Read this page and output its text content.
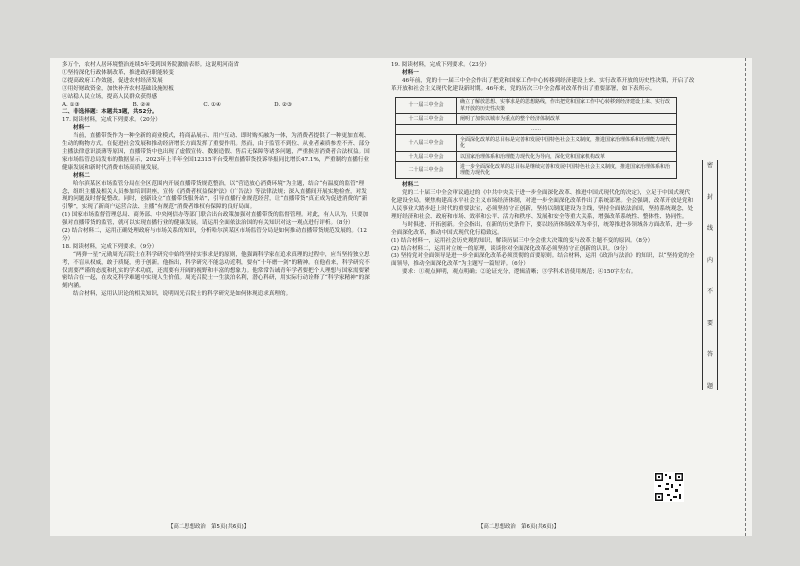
多万个，农村人居环境整治连续5年受到国务院激励表彰。这说明河南省

①坚持深化行政体制改革，推进政府职能转变

②提高政府工作效能，促进农村经济发展

③用好财政资金，加快补齐农村基础设施短板

④站稳人民立场，提高人民群众获得感

A. ①③	B. ②④	C. ①④	D. ②③

二、非选择题：本题共3题，共52分。

17. 阅读材料，完成下列要求。（20分）

材料一

当前，直播带货作为一种全新的商业模式，将商品展示、用户互动、即时购买融为一体，为消费者提供了一种更加直观、生动的购物方式。在促进社会发展和推动经济增长方面发挥了重要作用。然而，由于监管不到位、从业者素质参差不齐、部分主播法律意识淡薄等原因，直播带货中也出现了虚假宣传、数据造假、售后无保障等诸多问题，严重损害消费者合法权益。国家市场监管总局发布的数据显示，2023年上半年全国12315平台受理直播带货投诉举报同比增长47.1%，严重制约直播行业健康发展和新时代消费市场高质量发展。

材料二

哈尔滨某区市场监管分局在全区范围内开展直播带货规范整治，以“营造放心消费环境”为主题，结合“有温度的监管”理念，组织主播及相关人员参加培训讲座，宣传《消费者权益保护法》《广告法》等法律法规；深入直播间开展实地检查，对发现的问题及时督促整改。同时，创新设立“直播带货服务站”，引导直播行业规范经营，让“直播带货”真正成为促进消费的“新引擎”，实现了新商户运营合法、主播“有规范”消费者维权有保障的良好局面。

(1) 国家市场监督管理总局、商务部、中央网信办等部门联合出台政策加强对直播带货的监督管理。对此，有人认为，只要加强对直播带货的监管，就可以实现直播行业的健康发展。请运用全面依法治国的有关知识对这一观点进行评析。（8分）

(2) 结合材料二，运用正确处理政府与市场关系的知识，分析哈尔滨某区市场监管分局是如何推动直播带货规范发展的。（12分）

18. 阅读材料，完成下列要求。（9分）

“两弹一星”元勋周光召院士在科学研究中始终坚持实事求是的原则，他强调科学家在追求真理的过程中，应当坚持独立思考，不盲从权威，敢于质疑，勇于创新。他指出，科学研究不能急功近利，要有“十年磨一剑”的精神。在他看来，科学研究不仅需要严谨的态度和扎实的学术功底，还需要有开阔的视野和丰富的想象力。他常常告诫青年学者要把个人理想与国家需要紧密结合在一起，在攻克科学难题中实现人生价值。周光召院士一生淡泊名利，潜心科研，用实际行动诠释了“科学家精神”的深刻内涵。

结合材料，运用认识论的相关知识，说明周光召院士的科学研究是如何体现追求真理的。

19. 阅读材料，完成下列要求。（23分）

材料一

46年前，党的十一届三中全会作出了把党和国家工作中心转移到经济建设上来、实行改革开放的历史性决策，开启了改革开放和社会主义现代化建设新时期。46年来，党的历次三中全会都对改革作出了重要部署，如下表所示。

十一届三中全会	确立了解放思想、实事求是的思想路线，作出把党和国家工作中心转移到经济建设上来、实行改革开放的历史性决策
十二届三中全会	阐明了加快以城市为重点的整个经济体制改革
……	
十八届三中全会	全面深化改革的总目标是完善和发展中国特色社会主义制度，推进国家治理体系和治理能力现代化
十九届三中全会	以国家治理体系和治理能力现代化为导向，深化党和国家机构改革
二十届三中全会	进一步全面深化改革的总目标是继续完善和发展中国特色社会主义制度，推进国家治理体系和治理能力现代化

材料二

党的二十届三中全会审议通过的《中共中央关于进一步全面深化改革、推进中国式现代化的决定》，立足于中国式现代化建设全局，聚焦构建高水平社会主义市场经济体制，对进一步全面深化改革作出了系统部署。全会强调，改革开放是党和人民事业大踏步赶上时代的重要法宝，必须坚持守正创新，坚持以制度建设为主线，坚持全面依法治国，坚持系统观念，处理好经济和社会、政府和市场、效率和公平、活力和秩序、发展和安全等重大关系，增强改革系统性、整体性、协同性。

与时俱进、开拓创新。全会指出，在新的历史条件下，要以经济体制改革为牵引，统筹推进各领域各方面改革，进一步全面深化改革，推动中国式现代化行稳致远。

(1) 结合材料一，运用社会历史观的知识，解读历届三中全会重大决策的变与改革主题不变的原因。（8分）

(2) 结合材料二，运用对立统一的原理，谈谈你对全面深化改革必须坚持守正创新的认识。（9分）

(3) 坚持党对全面领导是进一步全面深化改革必须贯彻的首要原则。结合材料，运用《政治与法治》的知识，以“坚持党的全面领导，推动全面深化改革”为主题写一篇短评。（6分）

要求：①观点鲜明，观点明确；②论证充分，逻辑清晰；③学科术语使用规范；④150字左右。

【高二思想政治　第5页(共6页)】	【高二思想政治　第6页(共6页)】
密
封
线
内
不
要
答
题
